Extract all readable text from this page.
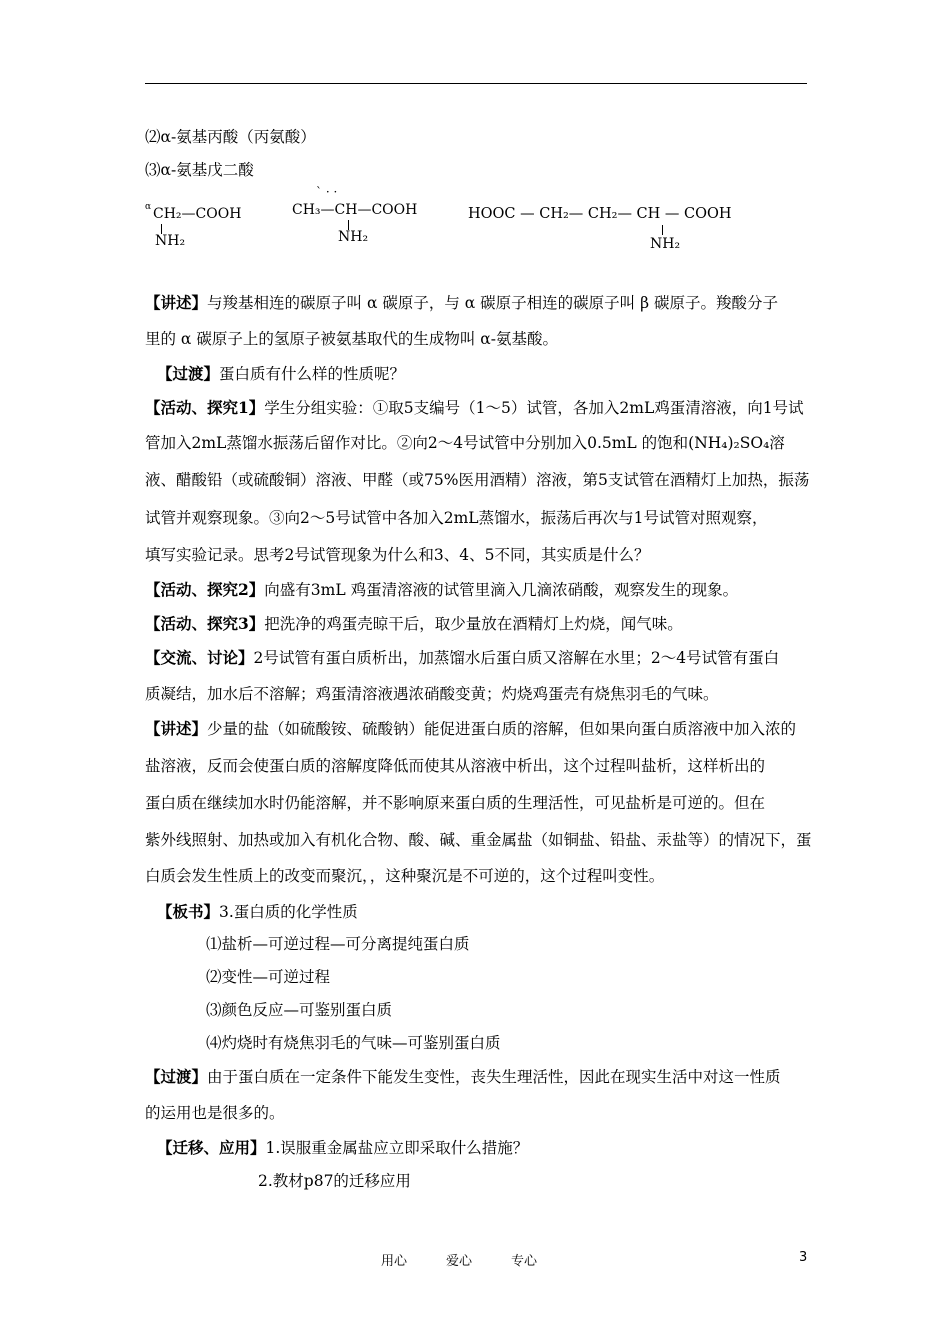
⑵α-氨基丙酸（丙氨酸）
⑶α-氨基戊二酸
α CH₂—COOH
NH₂
` · ·
CH₃—CH—COOH
NH₂
HOOC — CH₂— CH₂— CH — COOH
NH₂
【讲述】与羧基相连的碳原子叫 α 碳原子，与 α 碳原子相连的碳原子叫 β 碳原子。羧酸分子
里的 α 碳原子上的氢原子被氨基取代的生成物叫 α-氨基酸。
【过渡】蛋白质有什么样的性质呢？
【活动、探究1】学生分组实验：①取5支编号（1～5）试管，各加入2mL鸡蛋清溶液，向1号试
管加入2mL蒸馏水振荡后留作对比。②向2～4号试管中分别加入0.5mL 的饱和(NH₄)₂SO₄溶
液、醋酸铅（或硫酸铜）溶液、甲醛（或75%医用酒精）溶液，第5支试管在酒精灯上加热，振荡
试管并观察现象。③向2～5号试管中各加入2mL蒸馏水，振荡后再次与1号试管对照观察，
填写实验记录。思考2号试管现象为什么和3、4、5不同，其实质是什么？
【活动、探究2】向盛有3mL 鸡蛋清溶液的试管里滴入几滴浓硝酸，观察发生的现象。
【活动、探究3】把洗净的鸡蛋壳晾干后，取少量放在酒精灯上灼烧，闻气味。
【交流、讨论】2号试管有蛋白质析出，加蒸馏水后蛋白质又溶解在水里；2～4号试管有蛋白
质凝结，加水后不溶解；鸡蛋清溶液遇浓硝酸变黄；灼烧鸡蛋壳有烧焦羽毛的气味。
【讲述】少量的盐（如硫酸铵、硫酸钠）能促进蛋白质的溶解，但如果向蛋白质溶液中加入浓的
盐溶液，反而会使蛋白质的溶解度降低而使其从溶液中析出，这个过程叫盐析，这样析出的
蛋白质在继续加水时仍能溶解，并不影响原来蛋白质的生理活性，可见盐析是可逆的。但在
紫外线照射、加热或加入有机化合物、酸、碱、重金属盐（如铜盐、铅盐、汞盐等）的情况下，蛋
白质会发生性质上的改变而聚沉，，这种聚沉是不可逆的，这个过程叫变性。
【板书】3.蛋白质的化学性质
⑴盐析—可逆过程—可分离提纯蛋白质
⑵变性—可逆过程
⑶颜色反应—可鉴别蛋白质
⑷灼烧时有烧焦羽毛的气味—可鉴别蛋白质
【过渡】由于蛋白质在一定条件下能发生变性，丧失生理活性，因此在现实生活中对这一性质
的运用也是很多的。
【迁移、应用】1.误服重金属盐应立即采取什么措施？
2.教材p87的迁移应用
用心	爱心	专心	3
